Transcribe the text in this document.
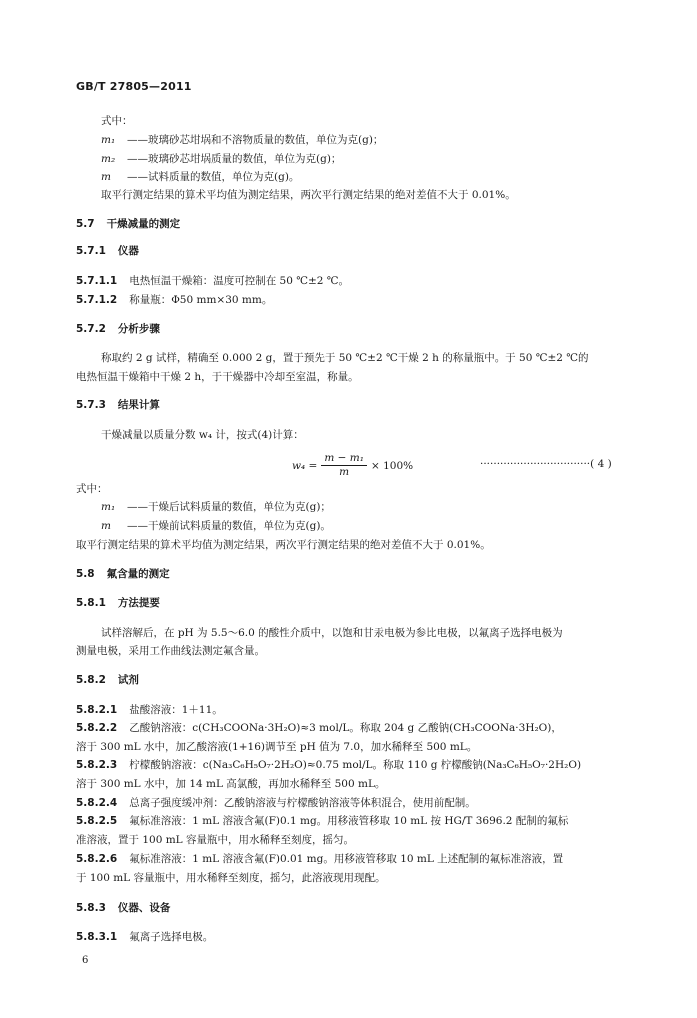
GB/T 27805—2011
式中：
m₁ ——玻璃砂芯坩埚和不溶物质量的数值，单位为克(g)；
m₂ ——玻璃砂芯坩埚质量的数值，单位为克(g)；
m ——试料质量的数值，单位为克(g)。
取平行测定结果的算术平均值为测定结果，两次平行测定结果的绝对差值不大于 0.01%。
5.7 干燥减量的测定
5.7.1 仪器
5.7.1.1 电热恒温干燥箱：温度可控制在 50 ℃±2 ℃。
5.7.1.2 称量瓶：Φ50 mm×30 mm。
5.7.2 分析步骤
称取约 2 g 试样，精确至 0.000 2 g，置于预先于 50 ℃±2 ℃干燥 2 h 的称量瓶中。于 50 ℃±2 ℃的
电热恒温干燥箱中干燥 2 h，于干燥器中冷却至室温，称量。
5.7.3 结果计算
干燥减量以质量分数 w₄ 计，按式(4)计算：
$w_4 = \frac{\text{m − m₁}}{m} \times 100\%$	·································( 4 )
式中：
m₁ ——干燥后试料质量的数值，单位为克(g)；
m ——干燥前试料质量的数值，单位为克(g)。
取平行测定结果的算术平均值为测定结果，两次平行测定结果的绝对差值不大于 0.01%。
5.8 氟含量的测定
5.8.1 方法提要
试样溶解后，在 pH 为 5.5～6.0 的酸性介质中，以饱和甘汞电极为参比电极，以氟离子选择电极为
测量电极，采用工作曲线法测定氟含量。
5.8.2 试剂
5.8.2.1 盐酸溶液：1＋11。
5.8.2.2 乙酸钠溶液：c(CH₃COONa·3H₂O)≈3 mol/L。称取 204 g 乙酸钠(CH₃COONa·3H₂O)，
溶于 300 mL 水中，加乙酸溶液(1+16)调节至 pH 值为 7.0，加水稀释至 500 mL。
5.8.2.3 柠檬酸钠溶液：c(Na₃C₆H₅O₇·2H₂O)≈0.75 mol/L。称取 110 g 柠檬酸钠(Na₃C₆H₅O₇·2H₂O)
溶于 300 mL 水中，加 14 mL 高氯酸，再加水稀释至 500 mL。
5.8.2.4 总离子强度缓冲剂：乙酸钠溶液与柠檬酸钠溶液等体积混合，使用前配制。
5.8.2.5 氟标准溶液：1 mL 溶液含氟(F)0.1 mg。用移液管移取 10 mL 按 HG/T 3696.2 配制的氟标
准溶液，置于 100 mL 容量瓶中，用水稀释至刻度，摇匀。
5.8.2.6 氟标准溶液：1 mL 溶液含氟(F)0.01 mg。用移液管移取 10 mL 上述配制的氟标准溶液，置
于 100 mL 容量瓶中，用水稀释至刻度，摇匀，此溶液现用现配。
5.8.3 仪器、设备
5.8.3.1 氟离子选择电极。
6
